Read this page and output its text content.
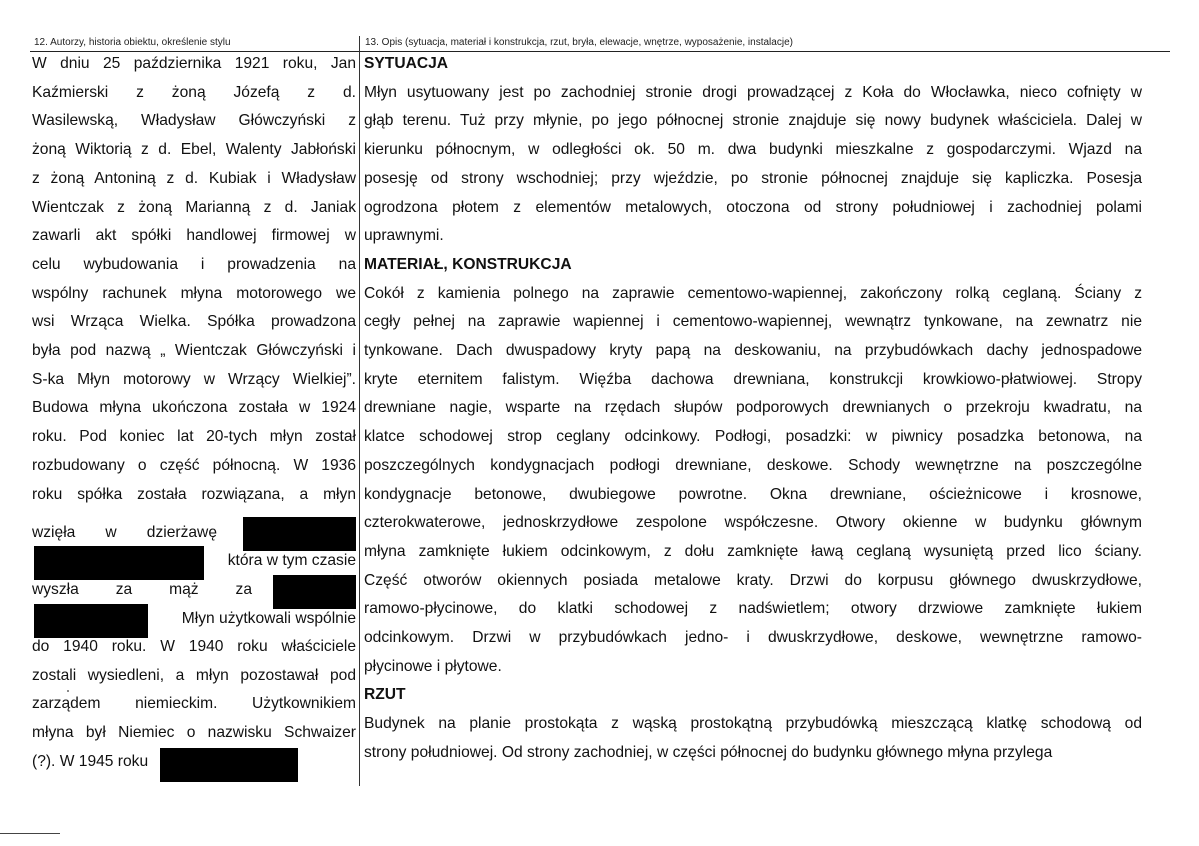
12. Autorzy, historia obiektu, określenie stylu	13. Opis (sytuacja, materiał i konstrukcja, rzut, bryła, elewacje, wnętrze, wyposażenie, instalacje)
W dniu 25 października 1921 roku, Jan
Kaźmierski z żoną Józefą z d.
Wasilewską, Władysław Główczyński z
żoną Wiktorią z d. Ebel, Walenty Jabłoński
z żoną Antoniną z d. Kubiak i Władysław
Wientczak z żoną Marianną z d. Janiak
zawarli akt spółki handlowej firmowej w
celu wybudowania i prowadzenia na
wspólny rachunek młyna motorowego we
wsi Wrząca Wielka. Spółka prowadzona
była pod nazwą „ Wientczak Główczyński i
S-ka Młyn motorowy w Wrzący Wielkiej”.
Budowa młyna ukończona została w 1924
roku. Pod koniec lat 20-tych młyn został
rozbudowany o część północną. W 1936
roku spółka została rozwiązana, a młyn
wzięła w dzierżawę
która w tym czasie
wyszła za mąż za
Młyn użytkowali wspólnie
do 1940 roku. W 1940 roku właściciele
zostali wysiedleni, a młyn pozostawał pod
zarządem niemieckim. Użytkownikiem
młyna był Niemiec o nazwisku Schwaizer
(?). W 1945 roku
SYTUACJA
Młyn usytuowany jest po zachodniej stronie drogi prowadzącej z Koła do Włocławka, nieco cofnięty w
głąb terenu. Tuż przy młynie, po jego północnej stronie znajduje się nowy budynek właściciela. Dalej w
kierunku północnym, w odległości ok. 50 m. dwa budynki mieszkalne z gospodarczymi. Wjazd na
posesję od strony wschodniej; przy wjeździe, po stronie północnej znajduje się kapliczka. Posesja
ogrodzona płotem z elementów metalowych, otoczona od strony południowej i zachodniej polami
uprawnymi.
MATERIAŁ, KONSTRUKCJA
Cokół z kamienia polnego na zaprawie cementowo-wapiennej, zakończony rolką ceglaną. Ściany z
cegły pełnej na zaprawie wapiennej i cementowo-wapiennej, wewnątrz tynkowane, na zewnatrz nie
tynkowane. Dach dwuspadowy kryty papą na deskowaniu, na przybudówkach dachy jednospadowe
kryte eternitem falistym. Więźba dachowa drewniana, konstrukcji krowkiowo-płatwiowej. Stropy
drewniane nagie, wsparte na rzędach słupów podporowych drewnianych o przekroju kwadratu, na
klatce schodowej strop ceglany odcinkowy. Podłogi, posadzki: w piwnicy posadzka betonowa, na
poszczególnych kondygnacjach podłogi drewniane, deskowe. Schody wewnętrzne na poszczególne
kondygnacje betonowe, dwubiegowe powrotne. Okna drewniane, ościeżnicowe i krosnowe,
czterokwaterowe, jednoskrzydłowe zespolone współczesne. Otwory okienne w budynku głównym
młyna zamknięte łukiem odcinkowym, z dołu zamknięte ławą ceglaną wysuniętą przed lico ściany.
Część otworów okiennych posiada metalowe kraty. Drzwi do korpusu głównego dwuskrzydłowe,
ramowo-płycinowe, do klatki schodowej z nadświetlem; otwory drzwiowe zamknięte łukiem
odcinkowym. Drzwi w przybudówkach jedno- i dwuskrzydłowe, deskowe, wewnętrzne ramowo-
płycinowe i płytowe.
RZUT
Budynek na planie prostokąta z wąską prostokątną przybudówką mieszczącą klatkę schodową od
strony południowej. Od strony zachodniej, w części północnej do budynku głównego młyna przylega
